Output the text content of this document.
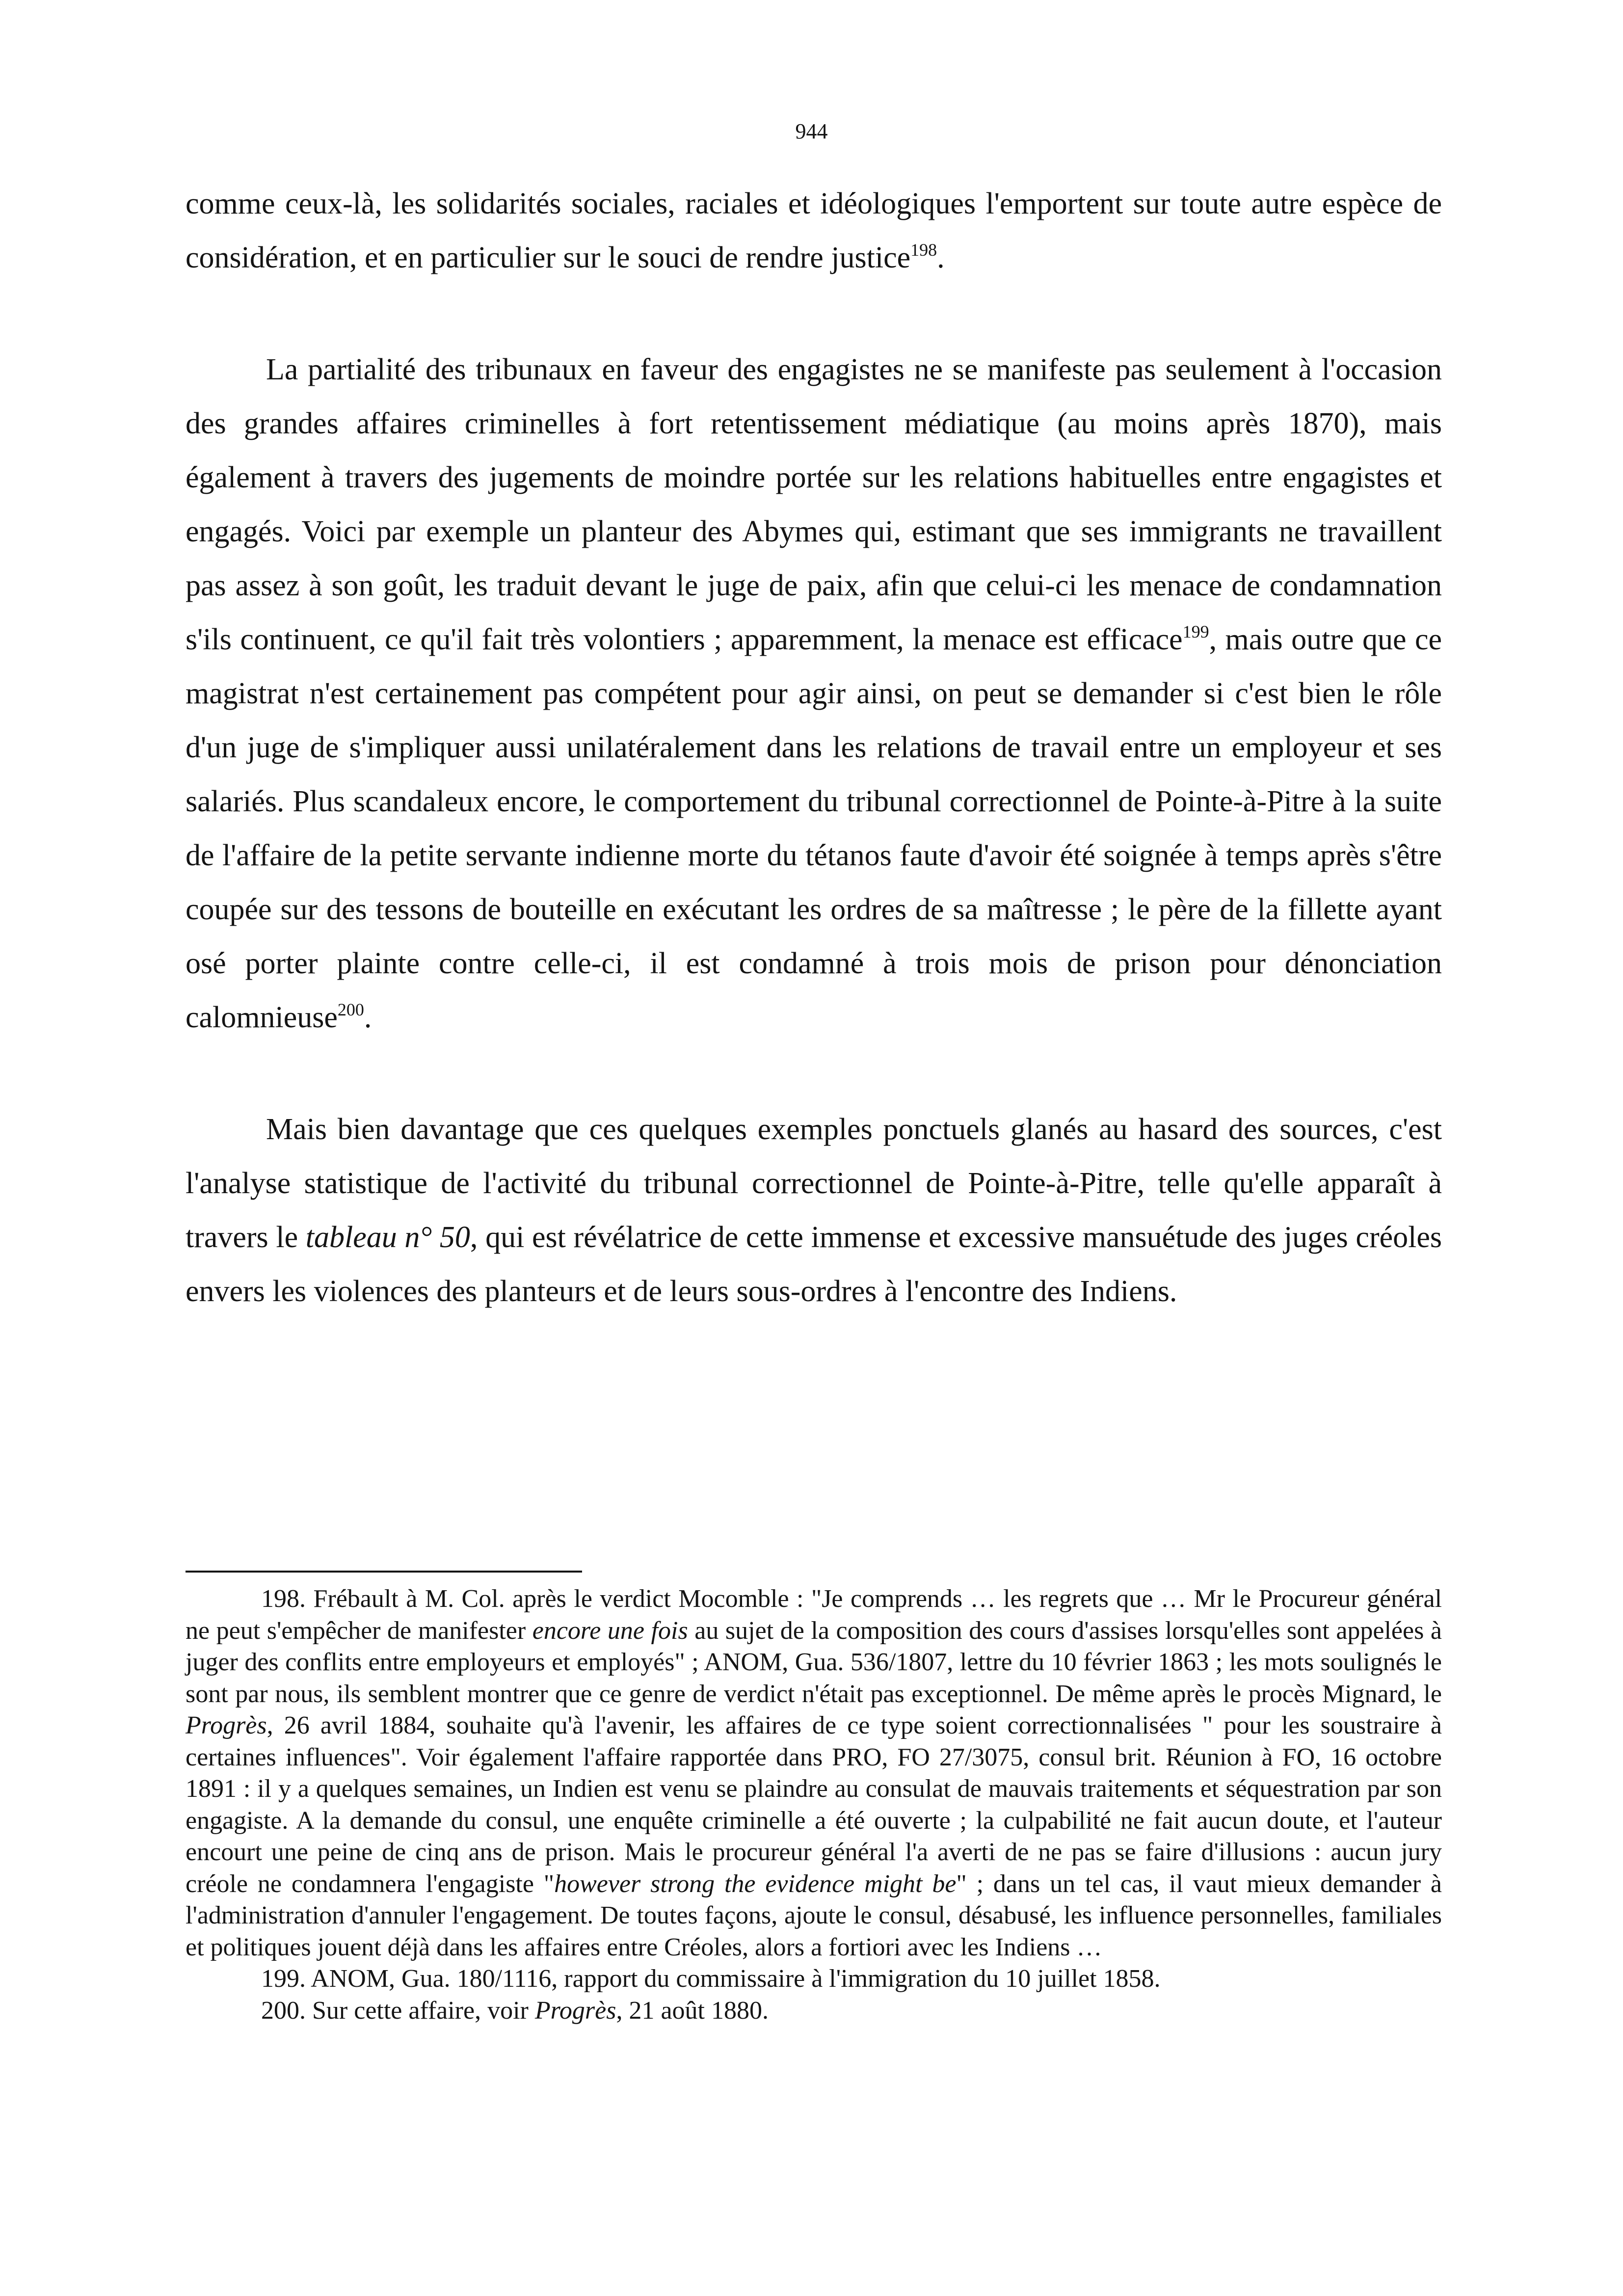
944

comme ceux-là, les solidarités sociales, raciales et idéologiques l'emportent sur toute autre espèce de considération, et en particulier sur le souci de rendre justice$^{198}$.

La partialité des tribunaux en faveur des engagistes ne se manifeste pas seulement à l'occasion des grandes affaires criminelles à fort retentissement médiatique (au moins après 1870), mais également à travers des jugements de moindre portée sur les relations habituelles entre engagistes et engagés. Voici par exemple un planteur des Abymes qui, estimant que ses immigrants ne travaillent pas assez à son goût, les traduit devant le juge de paix, afin que celui-ci les menace de condamnation s'ils continuent, ce qu'il fait très volontiers ; apparemment, la menace est efficace$^{199}$, mais outre que ce magistrat n'est certainement pas compétent pour agir ainsi, on peut se demander si c'est bien le rôle d'un juge de s'impliquer aussi unilatéralement dans les relations de travail entre un employeur et ses salariés. Plus scandaleux encore, le comportement du tribunal correctionnel de Pointe-à-Pitre à la suite de l'affaire de la petite servante indienne morte du tétanos faute d'avoir été soignée à temps après s'être coupée sur des tessons de bouteille en exécutant les ordres de sa maîtresse ; le père de la fillette ayant osé porter plainte contre celle-ci, il est condamné à trois mois de prison pour dénonciation calomnieuse$^{200}$.

Mais bien davantage que ces quelques exemples ponctuels glanés au hasard des sources, c'est l'analyse statistique de l'activité du tribunal correctionnel de Pointe-à-Pitre, telle qu'elle apparaît à travers le tableau n° 50, qui est révélatrice de cette immense et excessive mansuétude des juges créoles envers les violences des planteurs et de leurs sous-ordres à l'encontre des Indiens.

198. Frébault à M. Col. après le verdict Mocomble : "Je comprends … les regrets que … Mr le Procureur général ne peut s'empêcher de manifester encore une fois au sujet de la composition des cours d'assises lorsqu'elles sont appelées à juger des conflits entre employeurs et employés" ; ANOM, Gua. 536/1807, lettre du 10 février 1863 ; les mots soulignés le sont par nous, ils semblent montrer que ce genre de verdict n'était pas exceptionnel. De même après le procès Mignard, le Progrès, 26 avril 1884, souhaite qu'à l'avenir, les affaires de ce type soient correctionnalisées " pour les soustraire à certaines influences". Voir également l'affaire rapportée dans PRO, FO 27/3075, consul brit. Réunion à FO, 16 octobre 1891 : il y a quelques semaines, un Indien est venu se plaindre au consulat de mauvais traitements et séquestration par son engagiste. A la demande du consul, une enquête criminelle a été ouverte ; la culpabilité ne fait aucun doute, et l'auteur encourt une peine de cinq ans de prison. Mais le procureur général l'a averti de ne pas se faire d'illusions : aucun jury créole ne condamnera l'engagiste "however strong the evidence might be" ; dans un tel cas, il vaut mieux demander à l'administration d'annuler l'engagement. De toutes façons, ajoute le consul, désabusé, les influence personnelles, familiales et politiques jouent déjà dans les affaires entre Créoles, alors a fortiori avec les Indiens …

199. ANOM, Gua. 180/1116, rapport du commissaire à l'immigration du 10 juillet 1858.

200. Sur cette affaire, voir Progrès, 21 août 1880.
